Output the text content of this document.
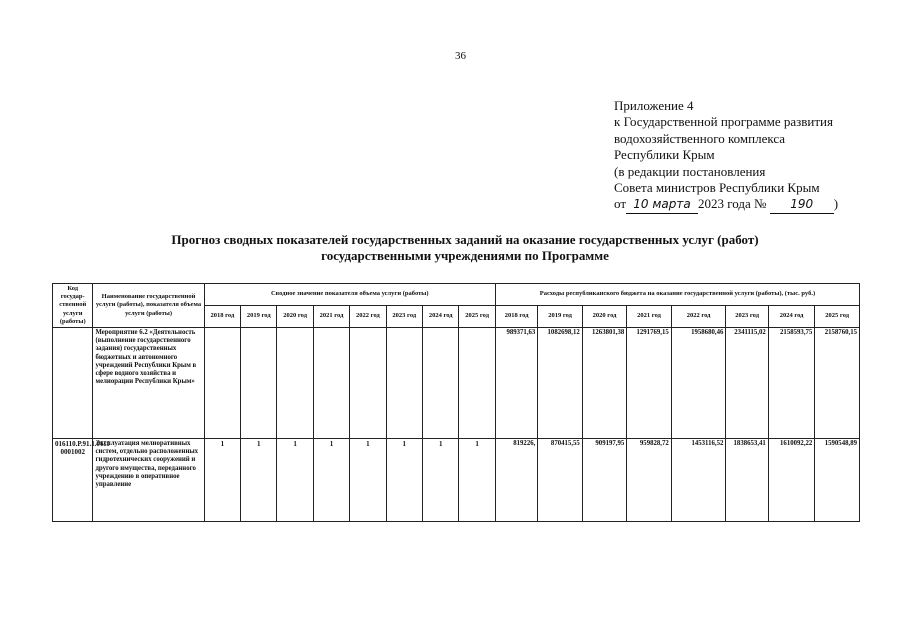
36
Приложение 4
к Государственной программе развития
водохозяйственного комплекса
Республики Крым
(в редакции постановления
Совета министров Республики Крым
от 10 марта 2023 года № 190 )
Прогноз сводных показателей государственных заданий на оказание государственных услуг (работ)
государственными учреждениями по Программе
Код государ-ственной услуги (работы)	Наименование государственной услуги (работы), показателя объема услуги (работы)	Сводное значение показателя объема услуги (работы)								Расходы республиканского бюджета на оказание государственной услуги (работы), (тыс. руб.)							
		2018 год	2019 год	2020 год	2021 год	2022 год	2023 год	2024 год	2025 год	2018 год	2019 год	2020 год	2021 год	2022 год	2023 год	2024 год	2025 год
	Мероприятие 6.2 «Деятельность (выполнение государственного задания) государственных бюджетных и автономного учреждений Республики Крым в сфере водного хозяйства и мелиорации Республики Крым»									989371,63	1082698,12	1263801,38	1291769,15	1958680,46	2341115,02	2158593,75	2158760,15
016110.Р.91.1.0111 0001002	Эксплуатация мелиоративных систем, отдельно расположенных гидротехнических сооружений и другого имущества, переданного учреждению в оперативное управление	1	1	1	1	1	1	1	1	819226,	870415,55	909197,95	959828,72	1453116,52	1838653,41	1610092,22	1590548,89
